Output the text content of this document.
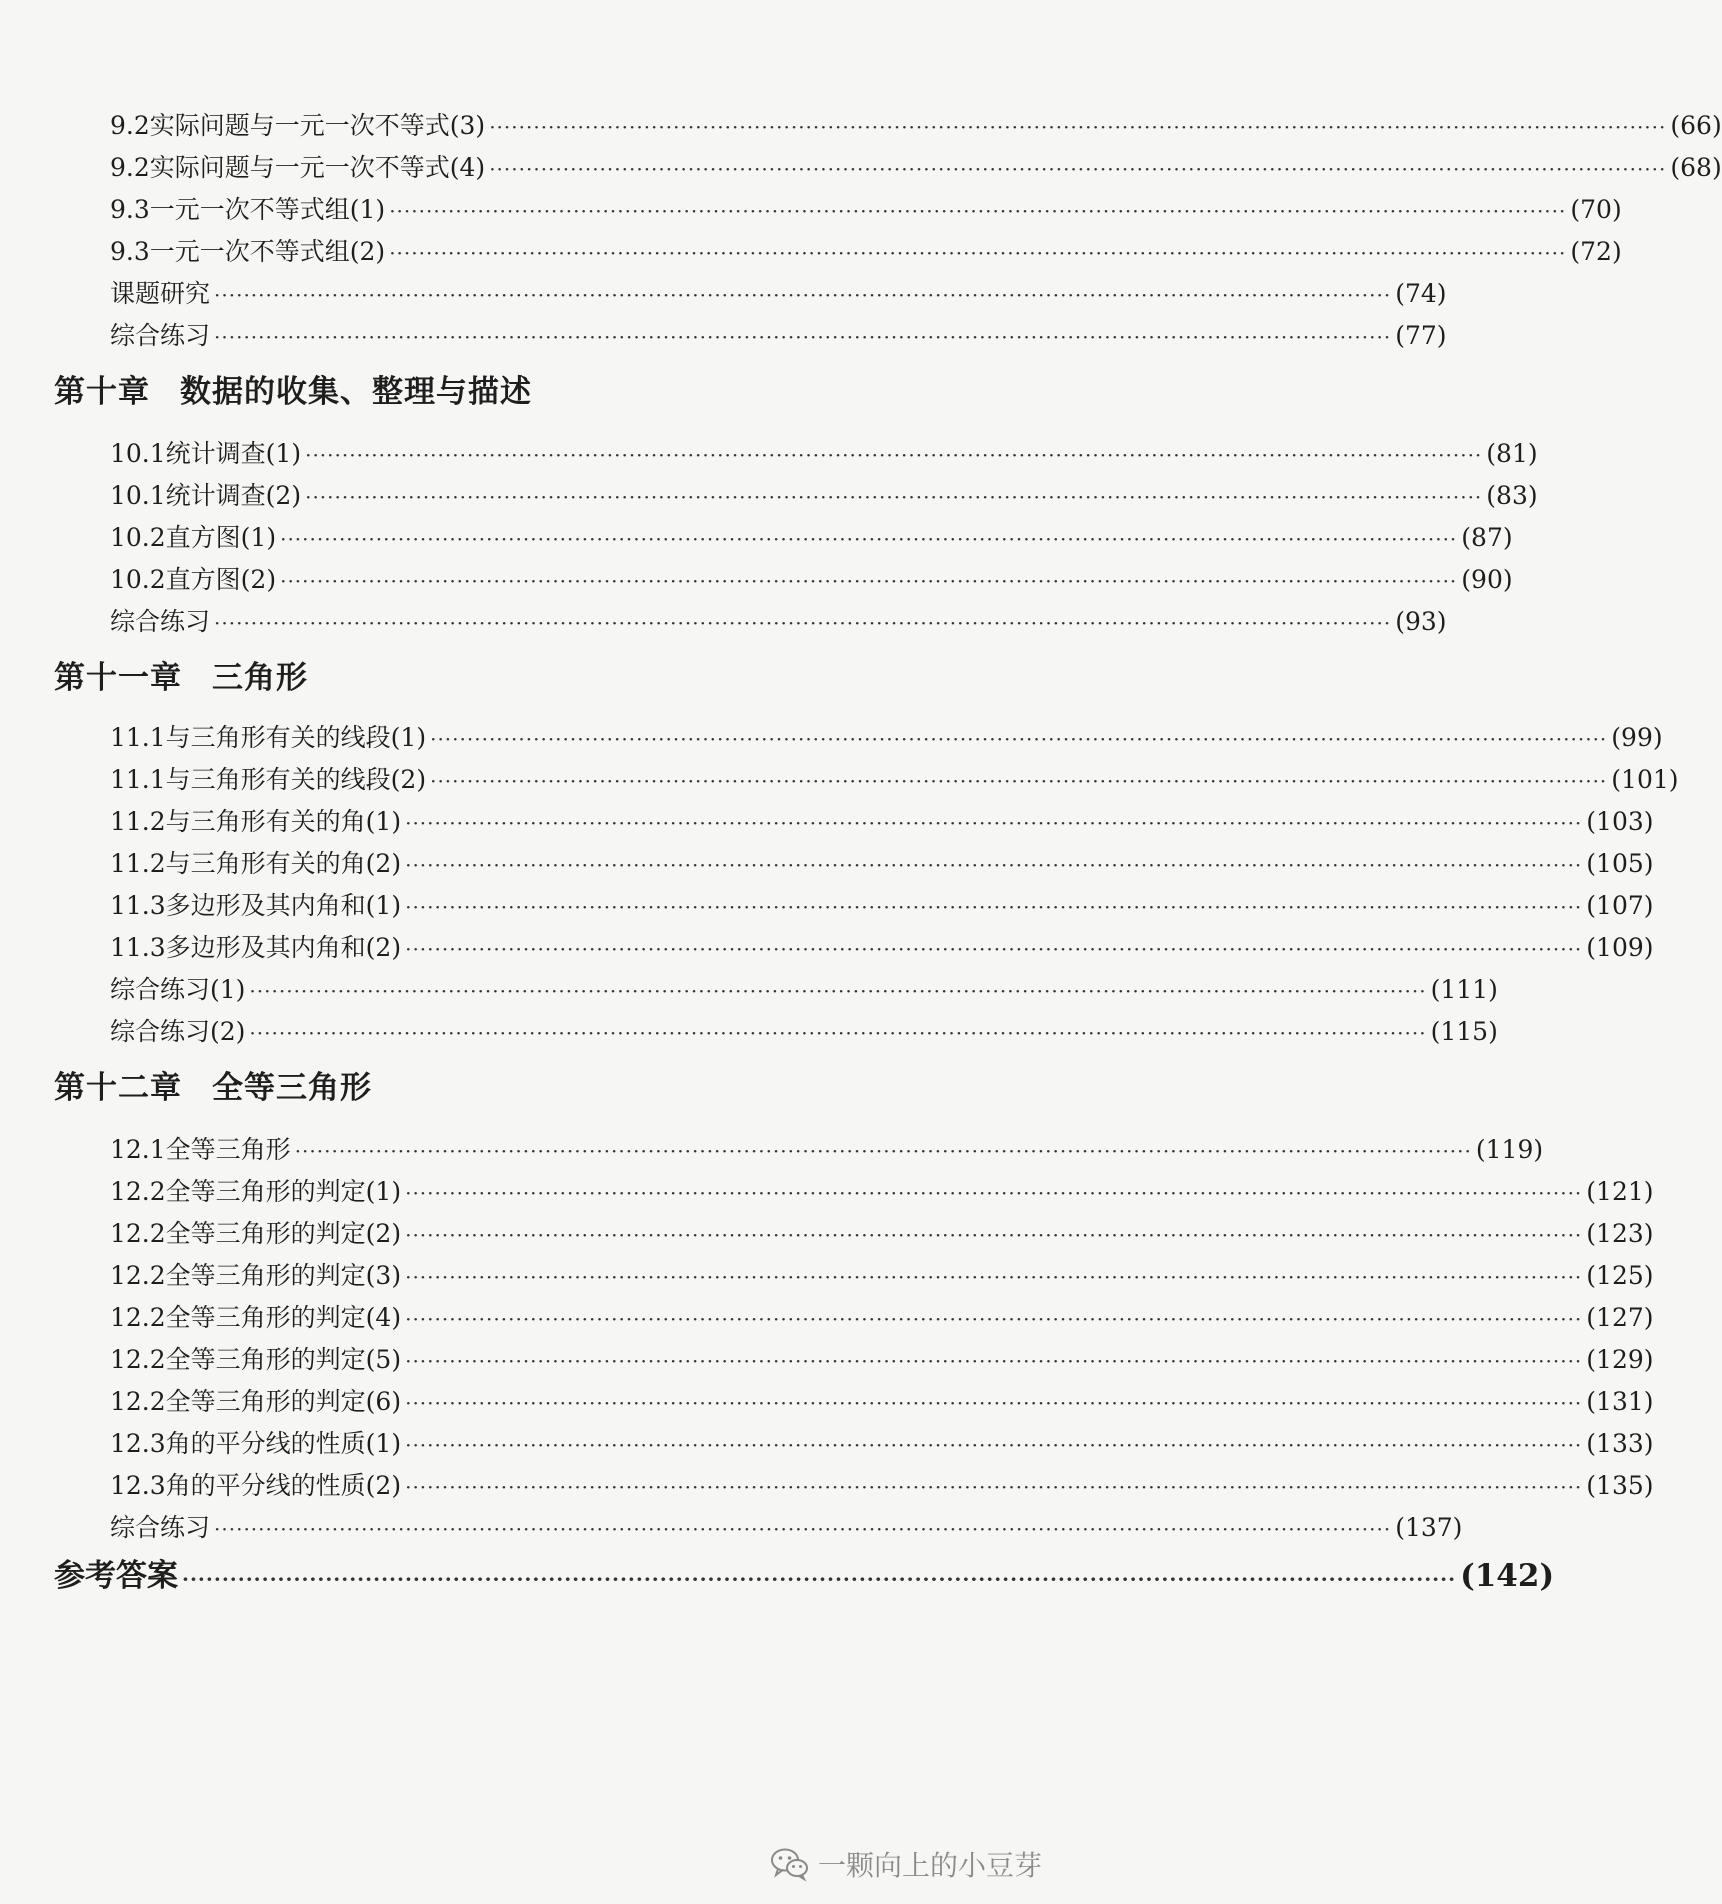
9.2 实际问题与一元一次不等式(3) ································································································································································ (66)
9.2 实际问题与一元一次不等式(4) ································································································································································ (68)
9.3 一元一次不等式组(1) ································································································································································ (70)
9.3 一元一次不等式组(2) ································································································································································ (72)
课题研究 ································································································································································ (74)
综合练习 ································································································································································ (77)
第十章 数据的收集、整理与描述
10.1 统计调查(1) ································································································································································ (81)
10.1 统计调查(2) ································································································································································ (83)
10.2 直方图(1) ································································································································································ (87)
10.2 直方图(2) ································································································································································ (90)
综合练习 ································································································································································ (93)
第十一章 三角形
11.1 与三角形有关的线段(1) ································································································································································ (99)
11.1 与三角形有关的线段(2) ································································································································································ (101)
11.2 与三角形有关的角(1) ································································································································································ (103)
11.2 与三角形有关的角(2) ································································································································································ (105)
11.3 多边形及其内角和(1) ································································································································································ (107)
11.3 多边形及其内角和(2) ································································································································································ (109)
综合练习(1) ································································································································································ (111)
综合练习(2) ································································································································································ (115)
第十二章 全等三角形
12.1 全等三角形 ································································································································································ (119)
12.2 全等三角形的判定(1) ································································································································································ (121)
12.2 全等三角形的判定(2) ································································································································································ (123)
12.2 全等三角形的判定(3) ································································································································································ (125)
12.2 全等三角形的判定(4) ································································································································································ (127)
12.2 全等三角形的判定(5) ································································································································································ (129)
12.2 全等三角形的判定(6) ································································································································································ (131)
12.3 角的平分线的性质(1) ································································································································································ (133)
12.3 角的平分线的性质(2) ································································································································································ (135)
综合练习 ································································································································································ (137)
参考答案 ································································································································································ (142)
一颗向上的小豆芽
